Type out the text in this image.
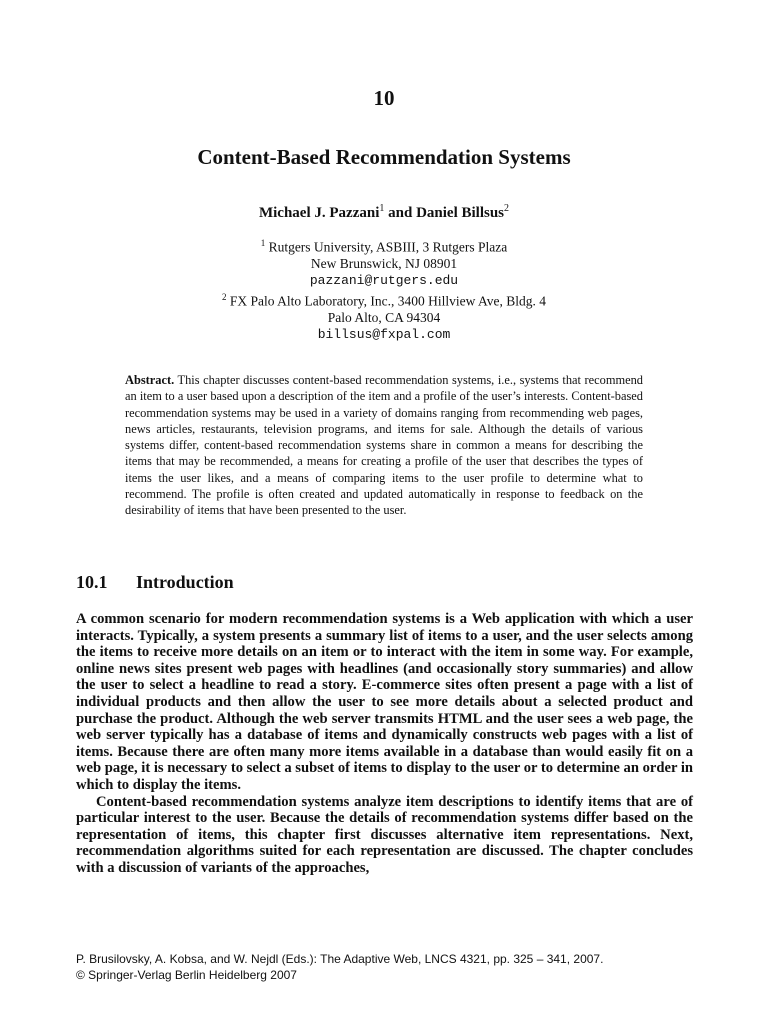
10
Content-Based Recommendation Systems
Michael J. Pazzani$^1$ and Daniel Billsus$^2$
$^1$ Rutgers University, ASBIII, 3 Rutgers Plaza
New Brunswick, NJ 08901
pazzani@rutgers.edu
$^2$ FX Palo Alto Laboratory, Inc., 3400 Hillview Ave, Bldg. 4
Palo Alto, CA 94304
billsus@fxpal.com
Abstract. This chapter discusses content-based recommendation systems, i.e., systems that recommend an item to a user based upon a description of the item and a profile of the user’s interests. Content-based recommendation systems may be used in a variety of domains ranging from recommending web pages, news articles, restaurants, television programs, and items for sale. Although the details of various systems differ, content-based recommendation systems share in common a means for describing the items that may be recommended, a means for creating a profile of the user that describes the types of items the user likes, and a means of comparing items to the user profile to determine what to recommend. The profile is often created and updated automatically in response to feedback on the desirability of items that have been presented to the user.
10.1 Introduction

A common scenario for modern recommendation systems is a Web application with which a user interacts. Typically, a system presents a summary list of items to a user, and the user selects among the items to receive more details on an item or to interact with the item in some way. For example, online news sites present web pages with headlines (and occasionally story summaries) and allow the user to select a headline to read a story. E-commerce sites often present a page with a list of individual products and then allow the user to see more details about a selected product and purchase the product. Although the web server transmits HTML and the user sees a web page, the web server typically has a database of items and dynamically constructs web pages with a list of items. Because there are often many more items available in a database than would easily fit on a web page, it is necessary to select a subset of items to display to the user or to determine an order in which to display the items.

Content-based recommendation systems analyze item descriptions to identify items that are of particular interest to the user. Because the details of recommendation systems differ based on the representation of items, this chapter first discusses alternative item representations. Next, recommendation algorithms suited for each representation are discussed. The chapter concludes with a discussion of variants of the approaches,

P. Brusilovsky, A. Kobsa, and W. Nejdl (Eds.): The Adaptive Web, LNCS 4321, pp. 325 – 341, 2007.
© Springer-Verlag Berlin Heidelberg 2007
